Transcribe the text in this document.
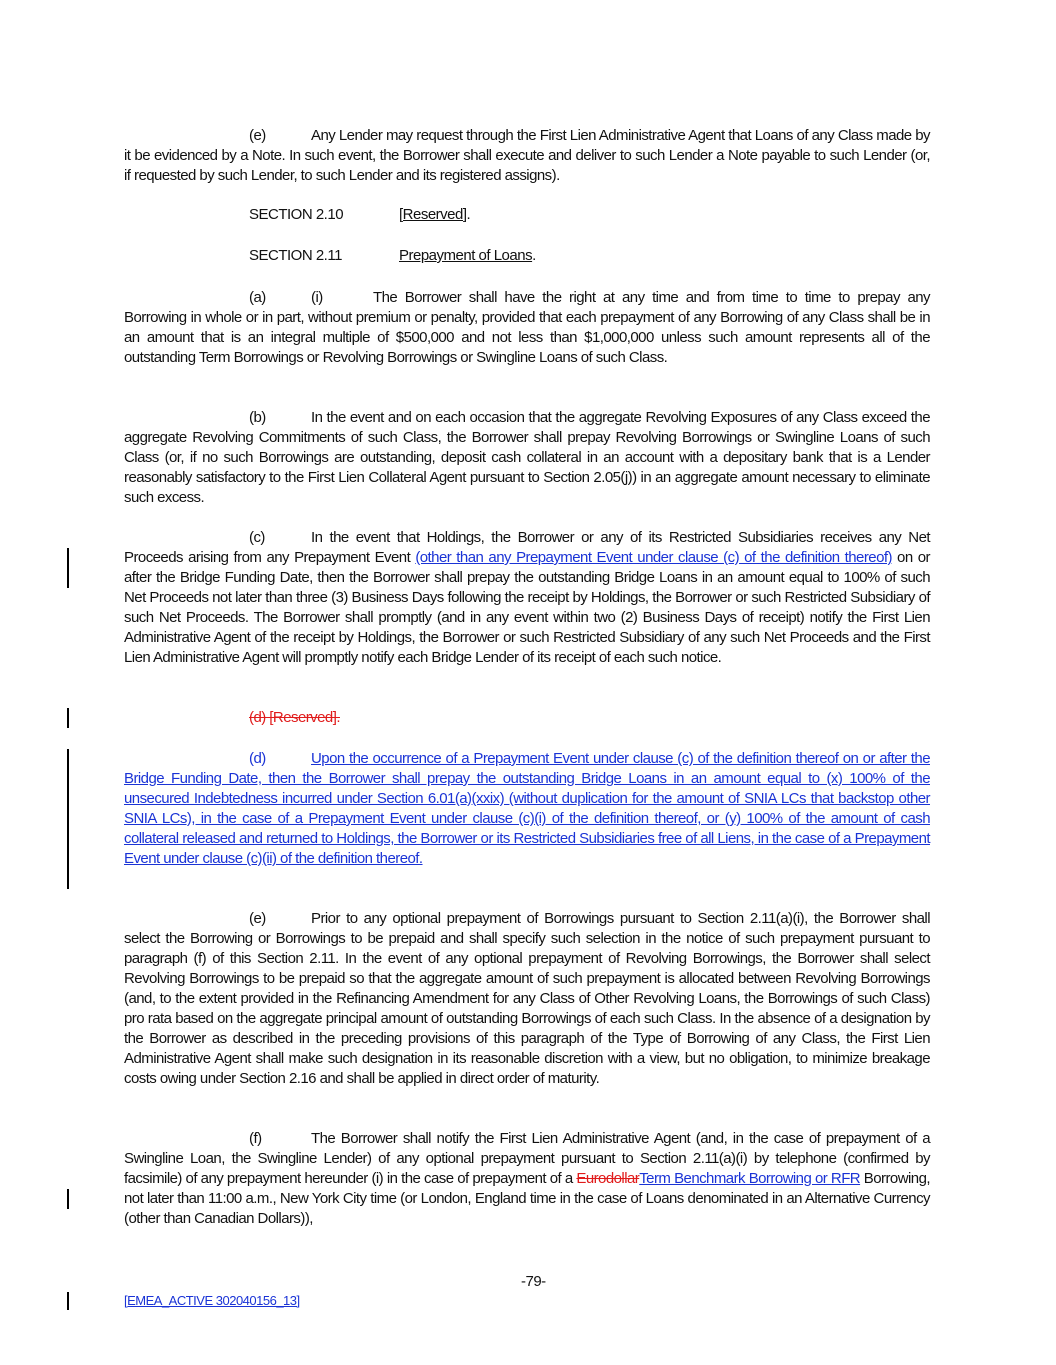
(e)	Any Lender may request through the First Lien Administrative Agent that Loans of any Class made by it be evidenced by a Note. In such event, the Borrower shall execute and deliver to such Lender a Note payable to such Lender (or, if requested by such Lender, to such Lender and its registered assigns).
SECTION 2.10	[Reserved].
SECTION 2.11	Prepayment of Loans.
(a)	(i)	The Borrower shall have the right at any time and from time to time to prepay any Borrowing in whole or in part, without premium or penalty, provided that each prepayment of any Borrowing of any Class shall be in an amount that is an integral multiple of $500,000 and not less than $1,000,000 unless such amount represents all of the outstanding Term Borrowings or Revolving Borrowings or Swingline Loans of such Class.
(b)	In the event and on each occasion that the aggregate Revolving Exposures of any Class exceed the aggregate Revolving Commitments of such Class, the Borrower shall prepay Revolving Borrowings or Swingline Loans of such Class (or, if no such Borrowings are outstanding, deposit cash collateral in an account with a depositary bank that is a Lender reasonably satisfactory to the First Lien Collateral Agent pursuant to Section 2.05(j)) in an aggregate amount necessary to eliminate such excess.
(c)	In the event that Holdings, the Borrower or any of its Restricted Subsidiaries receives any Net Proceeds arising from any Prepayment Event (other than any Prepayment Event under clause (c) of the definition thereof) on or after the Bridge Funding Date, then the Borrower shall prepay the outstanding Bridge Loans in an amount equal to 100% of such Net Proceeds not later than three (3) Business Days following the receipt by Holdings, the Borrower or such Restricted Subsidiary of such Net Proceeds. The Borrower shall promptly (and in any event within two (2) Business Days of receipt) notify the First Lien Administrative Agent of the receipt by Holdings, the Borrower or such Restricted Subsidiary of any such Net Proceeds and the First Lien Administrative Agent will promptly notify each Bridge Lender of its receipt of each such notice.
(d) [Reserved].
(d)	Upon the occurrence of a Prepayment Event under clause (c) of the definition thereof on or after the Bridge Funding Date, then the Borrower shall prepay the outstanding Bridge Loans in an amount equal to (x) 100% of the unsecured Indebtedness incurred under Section 6.01(a)(xxix) (without duplication for the amount of SNIA LCs that backstop other SNIA LCs), in the case of a Prepayment Event under clause (c)(i) of the definition thereof, or (y) 100% of the amount of cash collateral released and returned to Holdings, the Borrower or its Restricted Subsidiaries free of all Liens, in the case of a Prepayment Event under clause (c)(ii) of the definition thereof.
(e)	Prior to any optional prepayment of Borrowings pursuant to Section 2.11(a)(i), the Borrower shall select the Borrowing or Borrowings to be prepaid and shall specify such selection in the notice of such prepayment pursuant to paragraph (f) of this Section 2.11. In the event of any optional prepayment of Revolving Borrowings, the Borrower shall select Revolving Borrowings to be prepaid so that the aggregate amount of such prepayment is allocated between Revolving Borrowings (and, to the extent provided in the Refinancing Amendment for any Class of Other Revolving Loans, the Borrowings of such Class) pro rata based on the aggregate principal amount of outstanding Borrowings of each such Class. In the absence of a designation by the Borrower as described in the preceding provisions of this paragraph of the Type of Borrowing of any Class, the First Lien Administrative Agent shall make such designation in its reasonable discretion with a view, but no obligation, to minimize breakage costs owing under Section 2.16 and shall be applied in direct order of maturity.
(f)	The Borrower shall notify the First Lien Administrative Agent (and, in the case of prepayment of a Swingline Loan, the Swingline Lender) of any optional prepayment pursuant to Section 2.11(a)(i) by telephone (confirmed by facsimile) of any prepayment hereunder (i) in the case of prepayment of a EurodollarTerm Benchmark Borrowing or RFR Borrowing, not later than 11:00 a.m., New York City time (or London, England time in the case of Loans denominated in an Alternative Currency (other than Canadian Dollars)),
-79-
[EMEA_ACTIVE 302040156_13]
